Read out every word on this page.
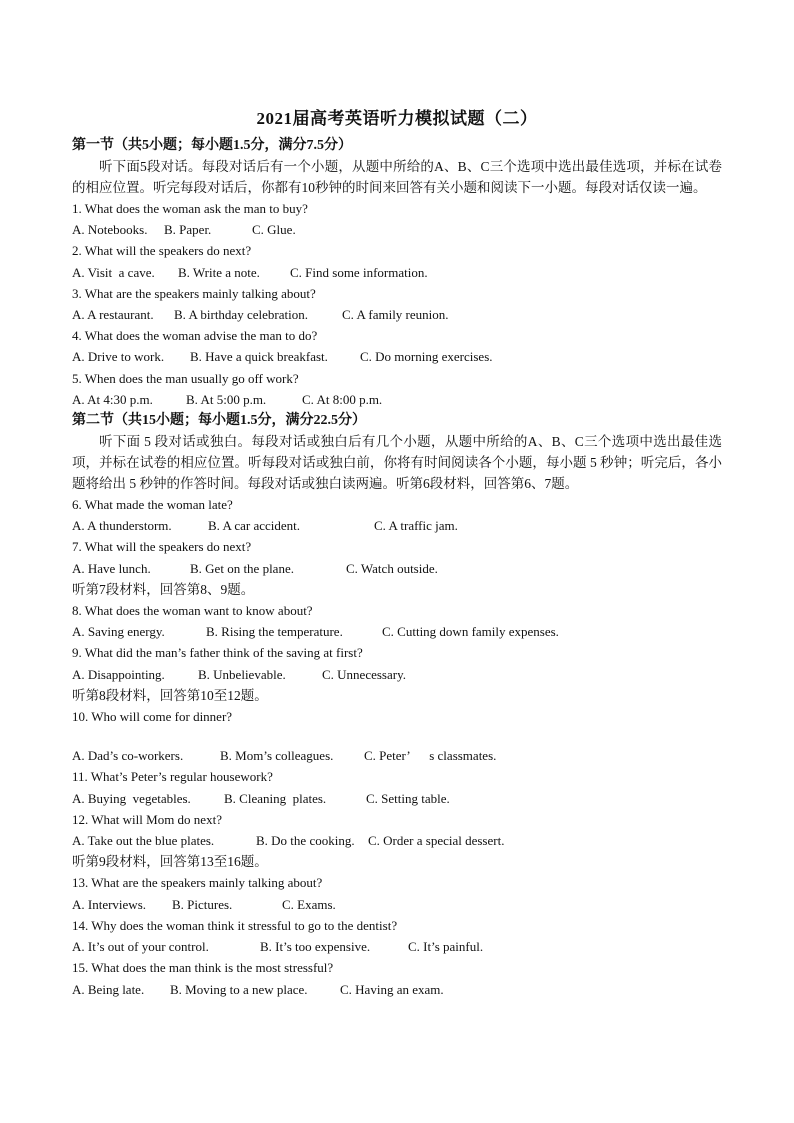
2021届高考英语听力模拟试题（二）

第一节（共5小题；每小题1.5分，满分7.5分）

听下面5段对话。每段对话后有一个小题，从题中所给的A、B、C三个选项中选出最佳选项，并标在试卷的相应位置。听完每段对话后，你都有10秒钟的时间来回答有关小题和阅读下一小题。每段对话仅读一遍。

1. What does the woman ask the man to buy?

A. Notebooks. B. Paper.	C. Glue.

2. What will the speakers do next?

A. Visit  a cave. B. Write a note. C. Find some information.

3. What are the speakers mainly talking about?

A. A restaurant. B. A birthday celebration.	C. A family reunion.

4. What does the woman advise the man to do?

A. Drive to work. B. Have a quick breakfast. C. Do morning exercises.

5. When does the man usually go off work?

A. At 4:30 p.m.	B. At 5:00 p.m.	C. At 8:00 p.m.

第二节（共15小题；每小题1.5分，满分22.5分）

听下面 5 段对话或独白。每段对话或独白后有几个小题，从题中所给的A、B、C三个选项中选出最佳选项，并标在试卷的相应位置。听每段对话或独白前，你将有时间阅读各个小题，每小题 5 秒钟；听完后，各小题将给出 5 秒钟的作答时间。每段对话或独白读两遍。听第6段材料，回答第6、7题。

6. What made the woman late?

A. A thunderstorm.	B. A car accident.	C. A traffic jam.

7. What will the speakers do next?

A. Have lunch.	B. Get on the plane.	C. Watch outside.

听第7段材料，回答第8、9题。

8. What does the woman want to know about?

A. Saving energy.	B. Rising the temperature.	C. Cutting down family expenses.

9. What did the man’s father think of the saving at first?

A. Disappointing.	B. Unbelievable.	C. Unnecessary.

听第8段材料，回答第10至12题。

10. Who will come for dinner?

A. Dad’s co-workers.	B. Mom’s colleagues. C. Peter’      s classmates.

11. What’s Peter’s regular housework?

A. Buying  vegetables.	B. Cleaning  plates.	C. Setting table.

12. What will Mom do next?

A. Take out the blue plates.	B. Do the cooking. C. Order a special dessert.

听第9段材料，回答第13至16题。

13. What are the speakers mainly talking about?

A. Interviews. B. Pictures.	C. Exams.

14. Why does the woman think it stressful to go to the dentist?

A. It’s out of your control.	B. It’s too expensive.	C. It’s painful.

15. What does the man think is the most stressful?

A. Being late. B. Moving to a new place. C. Having an exam.
